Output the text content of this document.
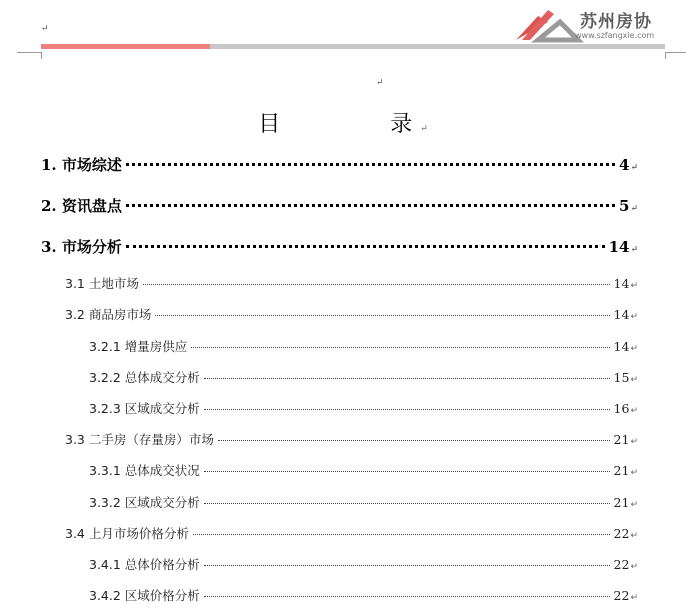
苏州房协
www.szfangxie.com
↵
↵
目	录 ↵
1. 市场综述	4 ↵
2. 资讯盘点	5 ↵
3. 市场分析	14 ↵
3.1 土地市场	14 ↵
3.2 商品房市场	14 ↵
3.2.1 增量房供应	14 ↵
3.2.2 总体成交分析	15 ↵
3.2.3 区域成交分析	16 ↵
3.3 二手房（存量房）市场	21 ↵
3.3.1 总体成交状况	21 ↵
3.3.2 区域成交分析	21 ↵
3.4 上月市场价格分析	22 ↵
3.4.1 总体价格分析	22 ↵
3.4.2 区域价格分析	22 ↵
